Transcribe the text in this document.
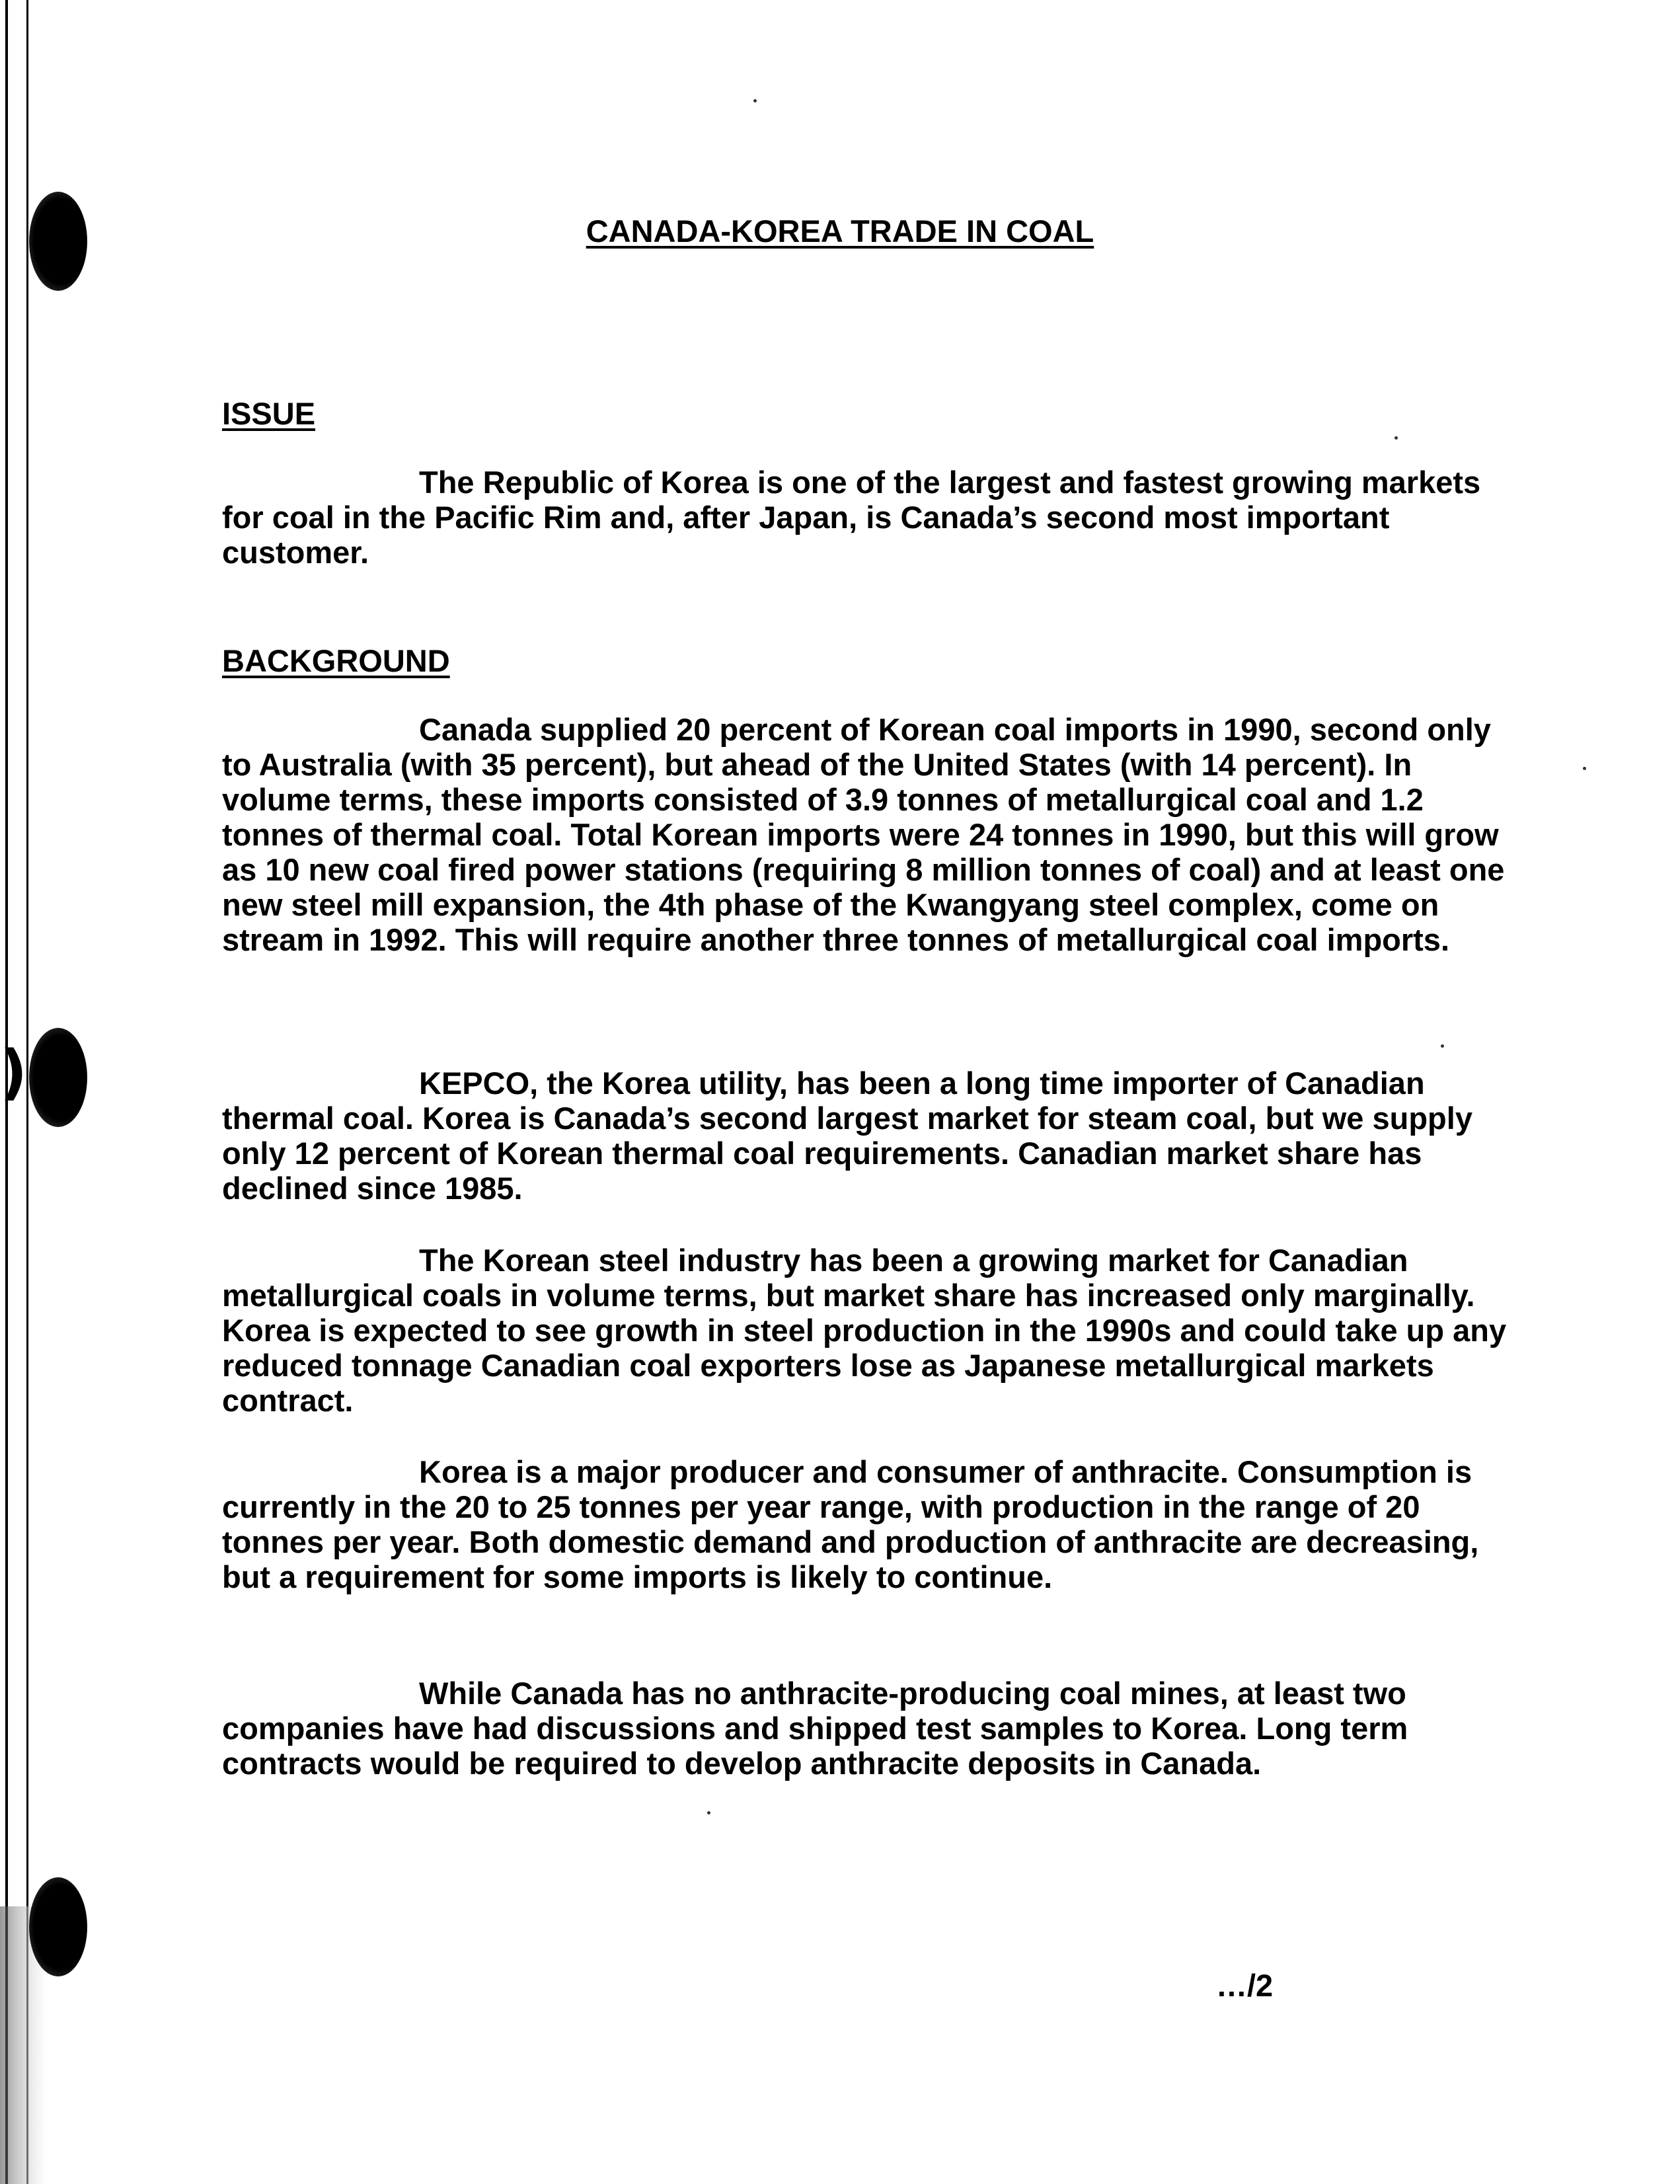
)
CANADA-KOREA TRADE IN COAL
ISSUE

The Republic of Korea is one of the largest and fastest growing markets for coal in the Pacific Rim and, after Japan, is Canada’s second most important customer.

BACKGROUND

Canada supplied 20 percent of Korean coal imports in 1990, second only to Australia (with 35 percent), but ahead of the United States (with 14 percent). In volume terms, these imports consisted of 3.9 tonnes of metallurgical coal and 1.2 tonnes of thermal coal. Total Korean imports were 24 tonnes in 1990, but this will grow as 10 new coal fired power stations (requiring 8 million tonnes of coal) and at least one new steel mill expansion, the 4th phase of the Kwangyang steel complex, come on stream in 1992. This will require another three tonnes of metallurgical coal imports.

KEPCO, the Korea utility, has been a long time importer of Canadian thermal coal. Korea is Canada’s second largest market for steam coal, but we supply only 12 percent of Korean thermal coal requirements. Canadian market share has declined since 1985.

The Korean steel industry has been a growing market for Canadian metallurgical coals in volume terms, but market share has increased only marginally. Korea is expected to see growth in steel production in the 1990s and could take up any reduced tonnage Canadian coal exporters lose as Japanese metallurgical markets contract.

Korea is a major producer and consumer of anthracite. Consumption is currently in the 20 to 25 tonnes per year range, with production in the range of 20 tonnes per year. Both domestic demand and production of anthracite are decreasing, but a requirement for some imports is likely to continue.

While Canada has no anthracite-producing coal mines, at least two companies have had discussions and shipped test samples to Korea. Long term contracts would be required to develop anthracite deposits in Canada.

…/2
